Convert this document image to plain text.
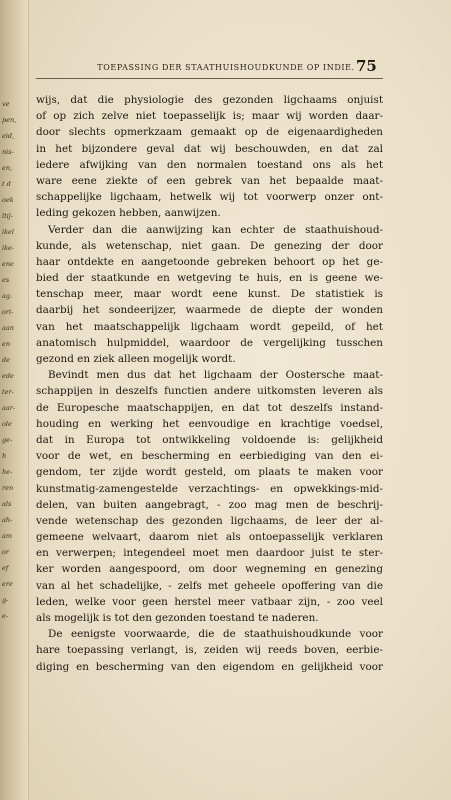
ve
pen,
eid,
nis-
en,
t d
oek
ltij-
ikel
ike-
ene
es
ag.
ori-
aan
en
de
ede
ter-
aar-
ole
ge-
h
he-
ren
als
ah-
am
or
ef
ere
g-
e-
TOEPASSING DER STAATHUISHOUDKUNDE OP INDIE. 75
wijs, dat die physiologie des gezonden ligchaams onjuist
of op zich zelve niet toepasselijk is; maar wij worden daar-
door slechts opmerkzaam gemaakt op de eigenaardigheden
in het bijzondere geval dat wij beschouwden, en dat zal
iedere afwijking van den normalen toestand ons als het
ware eene ziekte of een gebrek van het bepaalde maat-
schappelijke ligchaam, hetwelk wij tot voorwerp onzer ont-
leding gekozen hebben, aanwijzen.
Verder dan die aanwijzing kan echter de staathuishoud-
kunde, als wetenschap, niet gaan. De genezing der door
haar ontdekte en aangetoonde gebreken behoort op het ge-
bied der staatkunde en wetgeving te huis, en is geene we-
tenschap meer, maar wordt eene kunst. De statistiek is
daarbij het sondeerijzer, waarmede de diepte der wonden
van het maatschappelijk ligchaam wordt gepeild, of het
anatomisch hulpmiddel, waardoor de vergelijking tusschen
gezond en ziek alleen mogelijk wordt.
Bevindt men dus dat het ligchaam der Oostersche maat-
schappijen in deszelfs functien andere uitkomsten leveren als
de Europesche maatschappijen, en dat tot deszelfs instand-
houding en werking het eenvoudige en krachtige voedsel,
dat in Europa tot ontwikkeling voldoende is: gelijkheid
voor de wet, en bescherming en eerbiediging van den ei-
gendom, ter zijde wordt gesteld, om plaats te maken voor
kunstmatig-zamengestelde verzachtings- en opwekkings-mid-
delen, van buiten aangebragt, - zoo mag men de beschrij-
vende wetenschap des gezonden ligchaams, de leer der al-
gemeene welvaart, daarom niet als ontoepasselijk verklaren
en verwerpen; integendeel moet men daardoor juist te ster-
ker worden aangespoord, om door wegneming en genezing
van al het schadelijke, - zelfs met geheele opoffering van die
leden, welke voor geen herstel meer vatbaar zijn, - zoo veel
als mogelijk is tot den gezonden toestand te naderen.
De eenigste voorwaarde, die de staathuishoudkunde voor
hare toepassing verlangt, is, zeiden wij reeds boven, eerbie-
diging en bescherming van den eigendom en gelijkheid voor
